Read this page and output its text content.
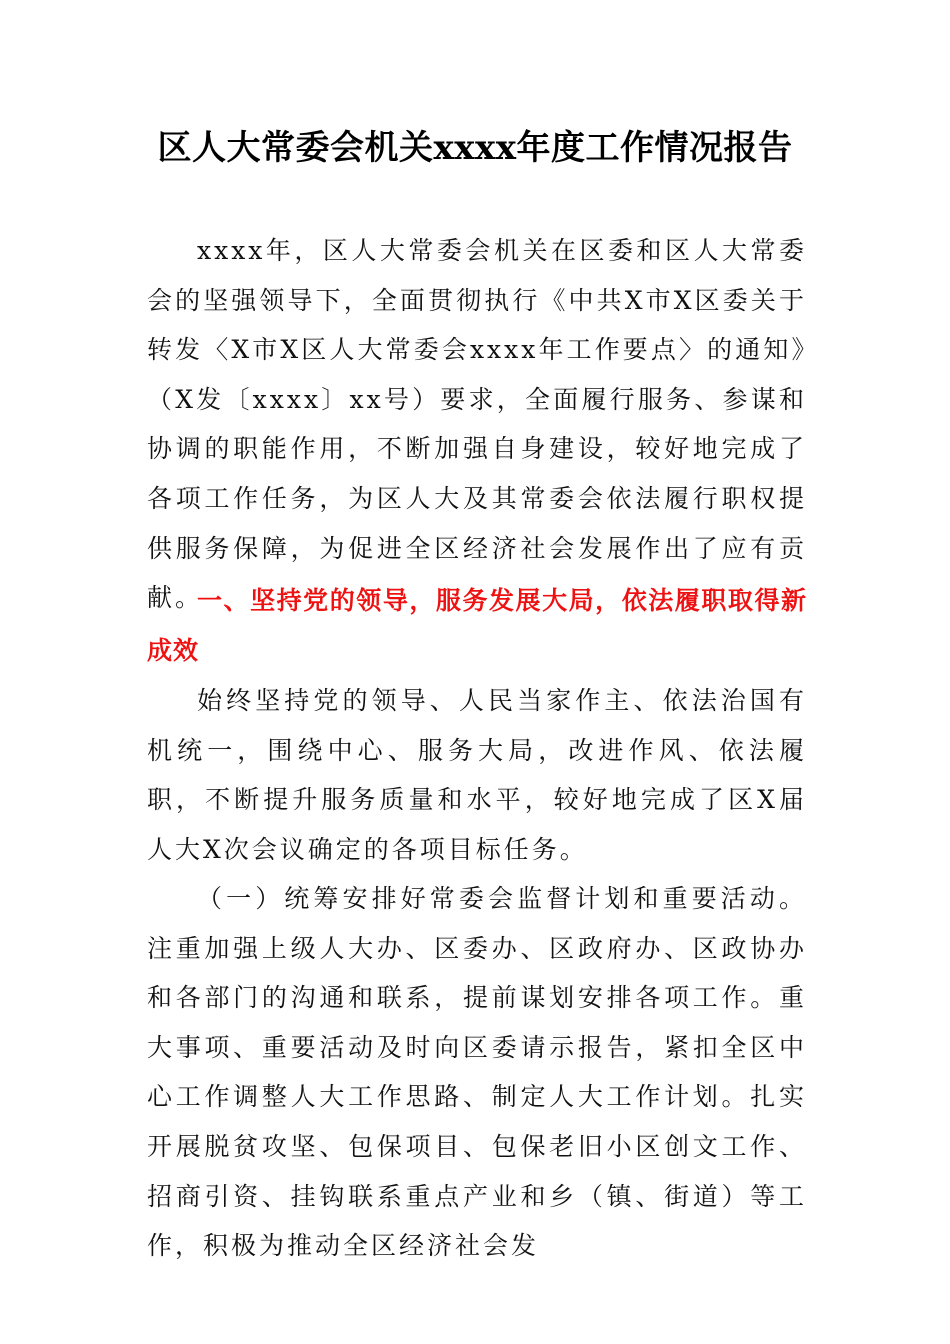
区人大常委会机关xxxx年度工作情况报告

xxxx年，区人大常委会机关在区委和区人大常委会的坚强领导下，全面贯彻执行《中共X市X区委关于转发〈X市X区人大常委会xxxx年工作要点〉的通知》（X发〔xxxx〕xx号）要求，全面履行服务、参谋和协调的职能作用，不断加强自身建设，较好地完成了各项工作任务，为区人大及其常委会依法履行职权提供服务保障，为促进全区经济社会发展作出了应有贡献。

一、坚持党的领导，服务发展大局，依法履职取得新成效

始终坚持党的领导、人民当家作主、依法治国有机统一，围绕中心、服务大局，改进作风、依法履职，不断提升服务质量和水平，较好地完成了区X届人大X次会议确定的各项目标任务。

（一）统筹安排好常委会监督计划和重要活动。注重加强上级人大办、区委办、区政府办、区政协办和各部门的沟通和联系，提前谋划安排各项工作。重大事项、重要活动及时向区委请示报告，紧扣全区中心工作调整人大工作思路、制定人大工作计划。扎实开展脱贫攻坚、包保项目、包保老旧小区创文工作、招商引资、挂钩联系重点产业和乡（镇、街道）等工作，积极为推动全区经济社会发
